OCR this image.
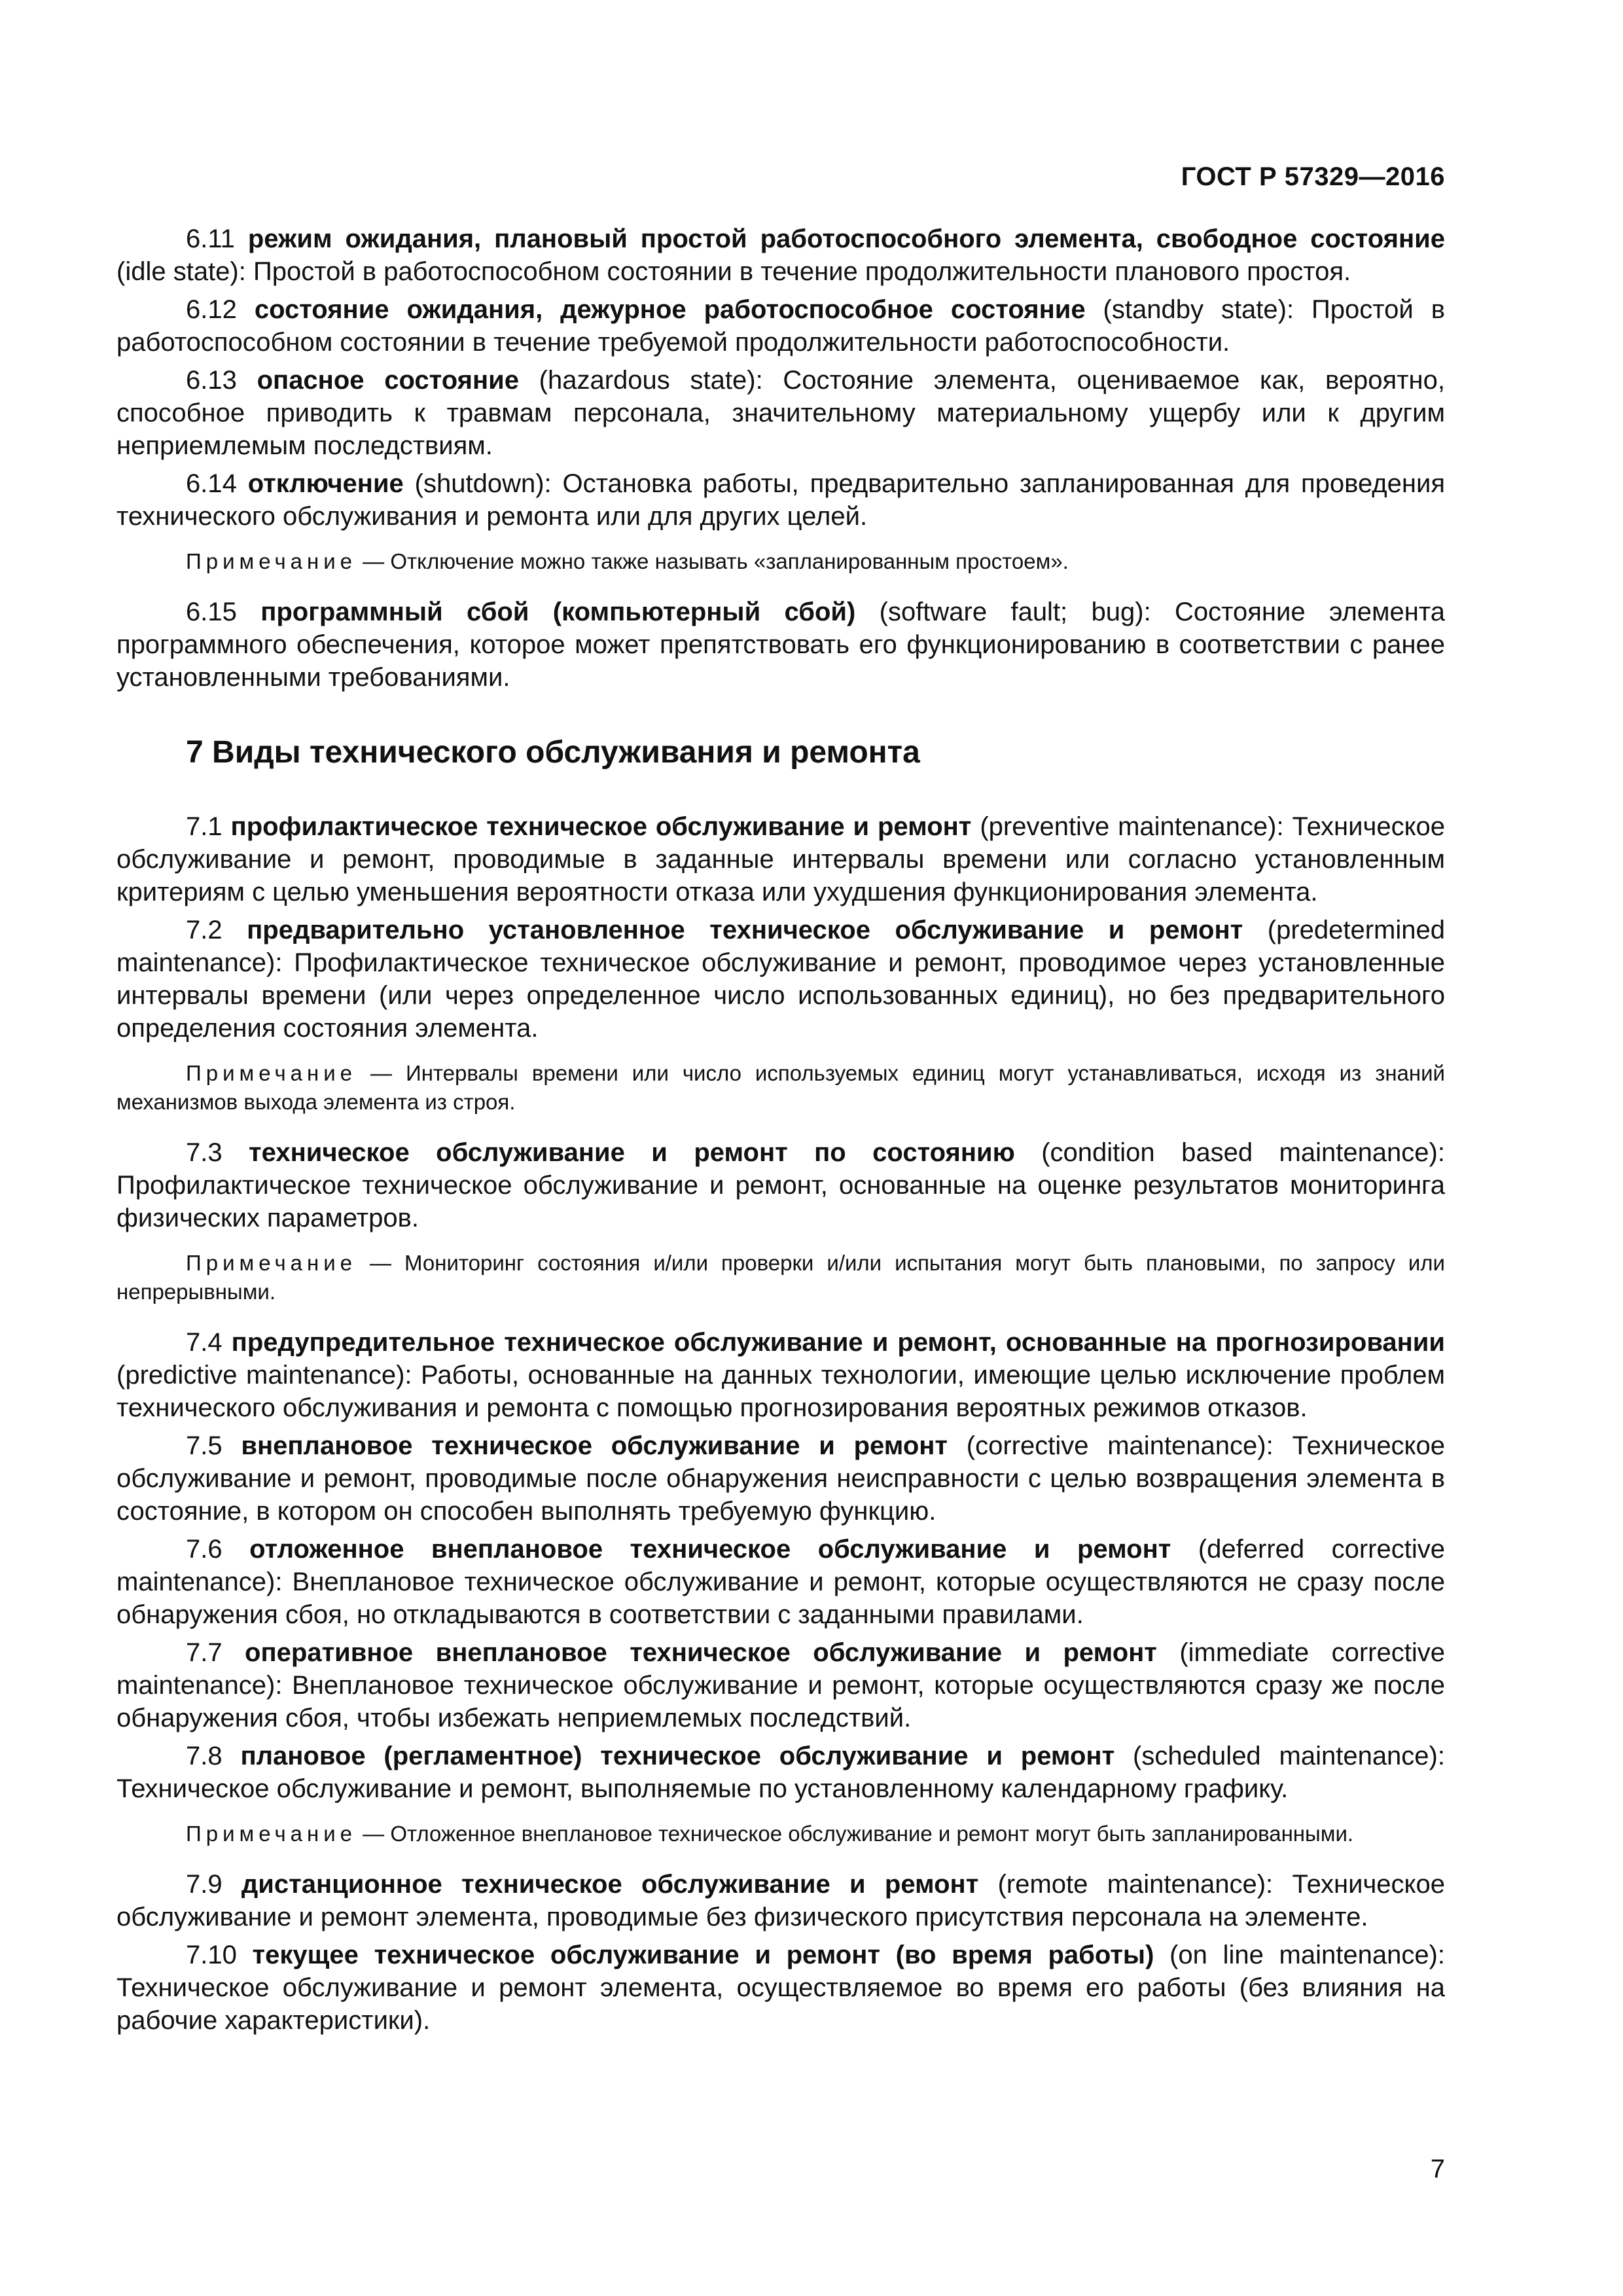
ГОСТ Р 57329—2016

6.11 режим ожидания, плановый простой работоспособного элемента, свободное состояние (idle state): Простой в работоспособном состоянии в течение продолжительности планового простоя.

6.12 состояние ожидания, дежурное работоспособное состояние (standby state): Простой в работоспособном состоянии в течение требуемой продолжительности работоспособности.

6.13 опасное состояние (hazardous state): Состояние элемента, оцениваемое как, вероятно, способное приводить к травмам персонала, значительному материальному ущербу или к другим неприемлемым последствиям.

6.14 отключение (shutdown): Остановка работы, предварительно запланированная для проведения технического обслуживания и ремонта или для других целей.

Примечание — Отключение можно также называть «запланированным простоем».

6.15 программный сбой (компьютерный сбой) (software fault; bug): Состояние элемента программного обеспечения, которое может препятствовать его функционированию в соответствии с ранее установленными требованиями.

7 Виды технического обслуживания и ремонта

7.1 профилактическое техническое обслуживание и ремонт (preventive maintenance): Техническое обслуживание и ремонт, проводимые в заданные интервалы времени или согласно установленным критериям с целью уменьшения вероятности отказа или ухудшения функционирования элемента.

7.2 предварительно установленное техническое обслуживание и ремонт (predetermined maintenance): Профилактическое техническое обслуживание и ремонт, проводимое через установленные интервалы времени (или через определенное число использованных единиц), но без предварительного определения состояния элемента.

Примечание — Интервалы времени или число используемых единиц могут устанавливаться, исходя из знаний механизмов выхода элемента из строя.

7.3 техническое обслуживание и ремонт по состоянию (condition based maintenance): Профилактическое техническое обслуживание и ремонт, основанные на оценке результатов мониторинга физических параметров.

Примечание — Мониторинг состояния и/или проверки и/или испытания могут быть плановыми, по запросу или непрерывными.

7.4 предупредительное техническое обслуживание и ремонт, основанные на прогнозировании (predictive maintenance): Работы, основанные на данных технологии, имеющие целью исключение проблем технического обслуживания и ремонта с помощью прогнозирования вероятных режимов отказов.

7.5 внеплановое техническое обслуживание и ремонт (corrective maintenance): Техническое обслуживание и ремонт, проводимые после обнаружения неисправности с целью возвращения элемента в состояние, в котором он способен выполнять требуемую функцию.

7.6 отложенное внеплановое техническое обслуживание и ремонт (deferred corrective maintenance): Внеплановое техническое обслуживание и ремонт, которые осуществляются не сразу после обнаружения сбоя, но откладываются в соответствии с заданными правилами.

7.7 оперативное внеплановое техническое обслуживание и ремонт (immediate corrective maintenance): Внеплановое техническое обслуживание и ремонт, которые осуществляются сразу же после обнаружения сбоя, чтобы избежать неприемлемых последствий.

7.8 плановое (регламентное) техническое обслуживание и ремонт (scheduled maintenance): Техническое обслуживание и ремонт, выполняемые по установленному календарному графику.

Примечание — Отложенное внеплановое техническое обслуживание и ремонт могут быть запланированными.

7.9 дистанционное техническое обслуживание и ремонт (remote maintenance): Техническое обслуживание и ремонт элемента, проводимые без физического присутствия персонала на элементе.

7.10 текущее техническое обслуживание и ремонт (во время работы) (on line maintenance): Техническое обслуживание и ремонт элемента, осуществляемое во время его работы (без влияния на рабочие характеристики).

7
